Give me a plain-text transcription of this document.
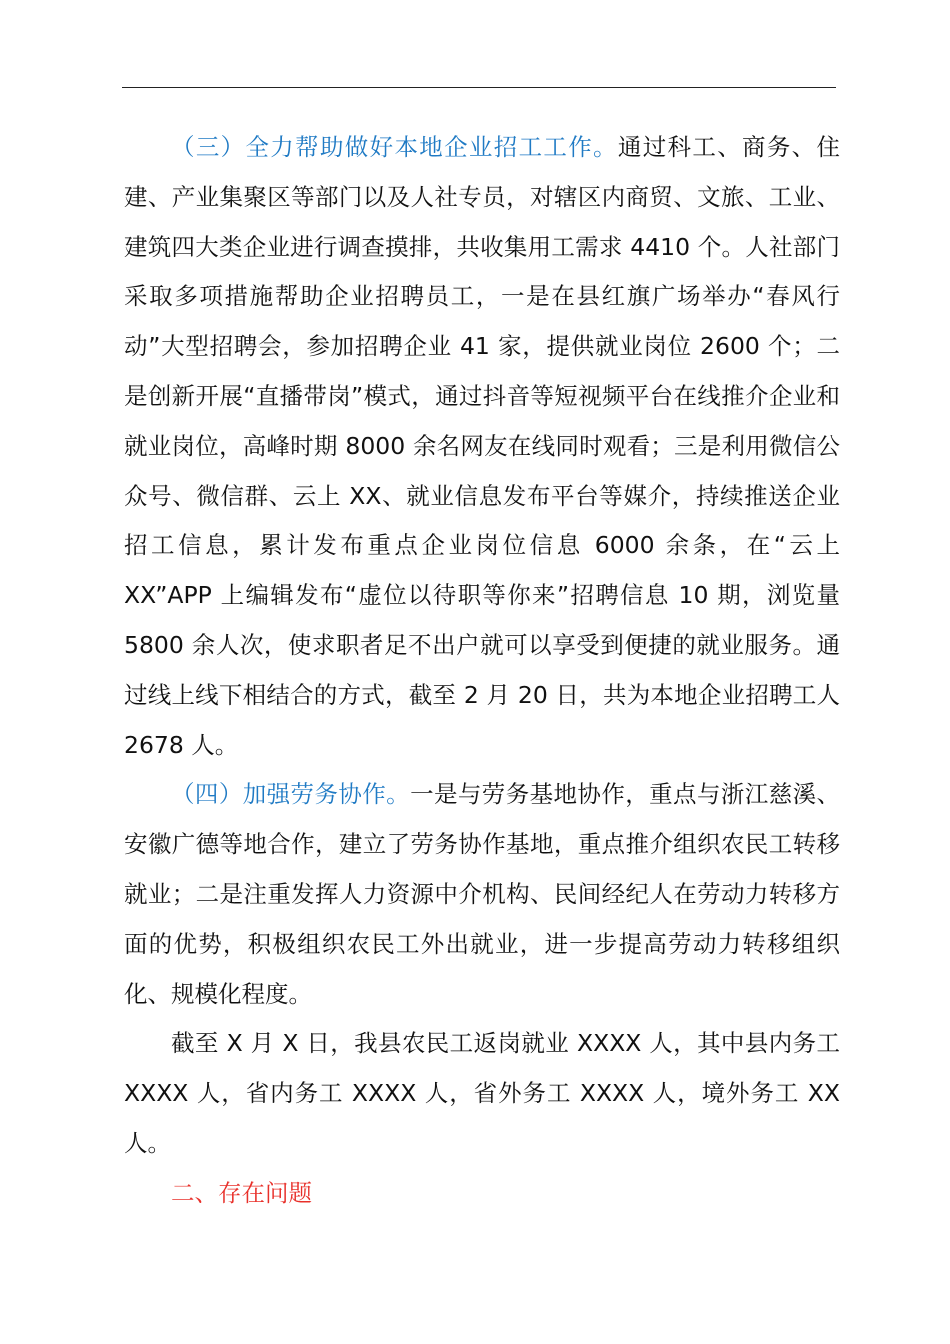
（三）全力帮助做好本地企业招工工作。通过科工、商务、住建、产业集聚区等部门以及人社专员，对辖区内商贸、文旅、工业、建筑四大类企业进行调查摸排，共收集用工需求 4410 个。人社部门采取多项措施帮助企业招聘员工，一是在县红旗广场举办“春风行动”大型招聘会，参加招聘企业 41 家，提供就业岗位 2600 个；二是创新开展“直播带岗”模式，通过抖音等短视频平台在线推介企业和就业岗位，高峰时期 8000 余名网友在线同时观看；三是利用微信公众号、微信群、云上 XX、就业信息发布平台等媒介，持续推送企业招工信息，累计发布重点企业岗位信息 6000 余条，在“云上 XX”APP 上编辑发布“虚位以待职等你来”招聘信息 10 期，浏览量 5800 余人次，使求职者足不出户就可以享受到便捷的就业服务。通过线上线下相结合的方式，截至 2 月 20 日，共为本地企业招聘工人 2678 人。

（四）加强劳务协作。一是与劳务基地协作，重点与浙江慈溪、安徽广德等地合作，建立了劳务协作基地，重点推介组织农民工转移就业；二是注重发挥人力资源中介机构、民间经纪人在劳动力转移方面的优势，积极组织农民工外出就业，进一步提高劳动力转移组织化、规模化程度。

截至 X 月 X 日，我县农民工返岗就业 XXXX 人，其中县内务工 XXXX 人，省内务工 XXXX 人，省外务工 XXXX 人，境外务工 XX 人。

二、存在问题
